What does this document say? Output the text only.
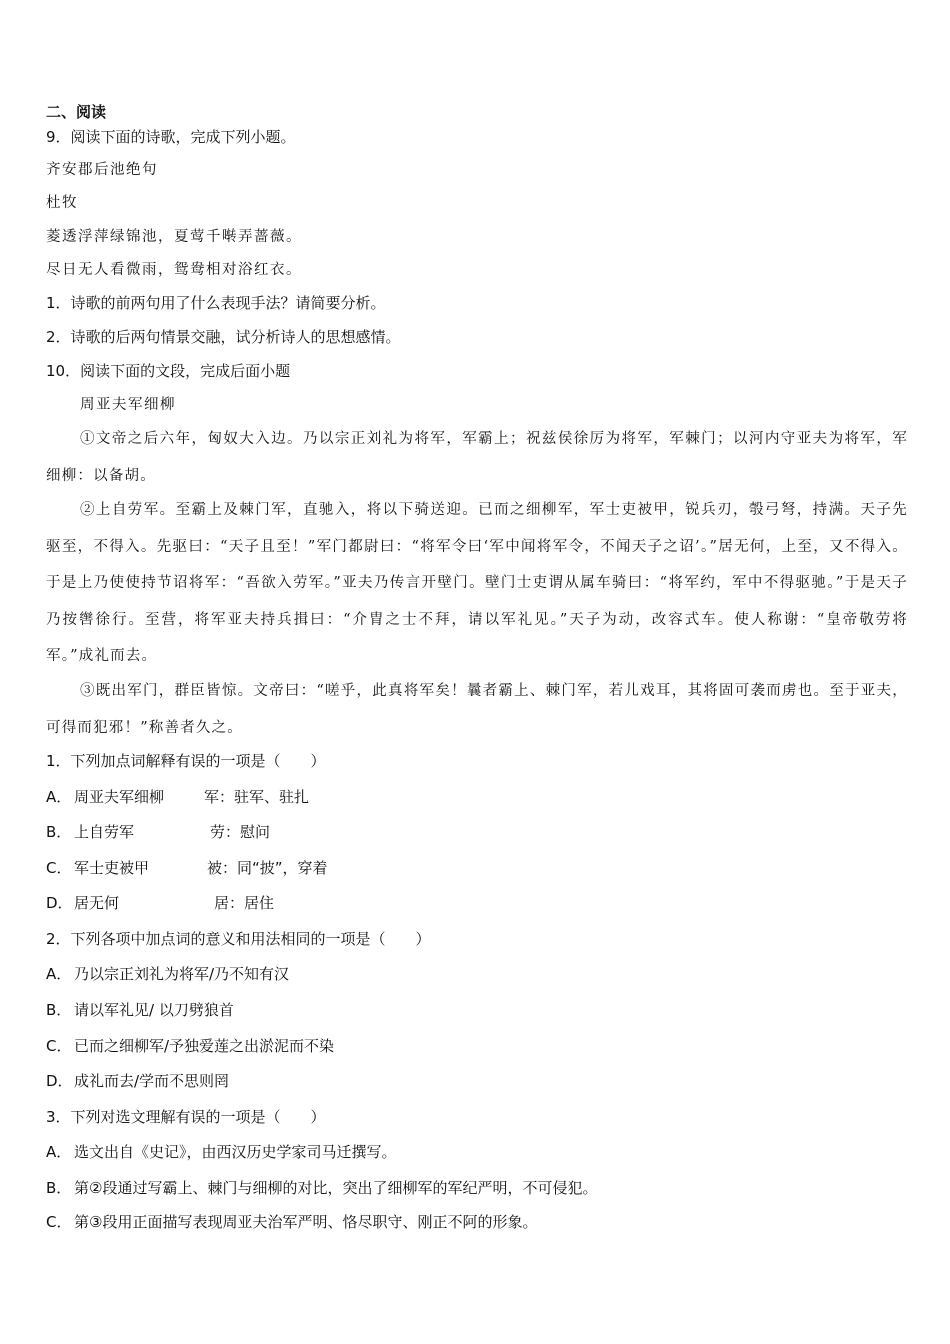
二、阅读
9．阅读下面的诗歌，完成下列小题。
齐安郡后池绝句
杜牧
菱透浮萍绿锦池，夏莺千啭弄蔷薇。
尽日无人看微雨，鸳鸯相对浴红衣。
1．诗歌的前两句用了什么表现手法？请简要分析。
2．诗歌的后两句情景交融，试分析诗人的思想感情。
10．阅读下面的文段，完成后面小题
周亚夫军细柳
①文帝之后六年，匈奴大入边。乃以宗正刘礼为将军，军霸上；祝兹侯徐厉为将军，军棘门；以河内守亚夫为将军，军细柳：以备胡。
②上自劳军。至霸上及棘门军，直驰入，将以下骑送迎。已而之细柳军，军士吏被甲，锐兵刃，彀弓弩，持满。天子先驱至，不得入。先驱曰：“天子且至！”军门都尉曰：“将军令曰‘军中闻将军令，不闻天子之诏’。”居无何，上至，又不得入。于是上乃使使持节诏将军：“吾欲入劳军。”亚夫乃传言开壁门。壁门士吏谓从属车骑曰：“将军约，军中不得驱驰。”于是天子乃按辔徐行。至营，将军亚夫持兵揖曰：“介胄之士不拜，请以军礼见。”天子为动，改容式车。使人称谢：“皇帝敬劳将军。”成礼而去。
③既出军门，群臣皆惊。文帝曰：“嗟乎，此真将军矣！曩者霸上、棘门军，若儿戏耳，其将固可袭而虏也。至于亚夫，可得而犯邪！”称善者久之。
1．下列加点词解释有误的一项是（　　）
A． 周亚夫军细柳	军：驻军、驻扎
B． 上自劳军	劳：慰问
C． 军士吏被甲	被：同“披”，穿着
D．居无何	居：居住
2．下列各项中加点词的意义和用法相同的一项是（　　）
A． 乃以宗正刘礼为将军/乃不知有汉
B． 请以军礼见/ 以刀劈狼首
C． 已而之细柳军/予独爱莲之出淤泥而不染
D．成礼而去/学而不思则罔
3．下列对选文理解有误的一项是（　　）
A． 选文出自《史记》，由西汉历史学家司马迁撰写。
B． 第②段通过写霸上、棘门与细柳的对比，突出了细柳军的军纪严明，不可侵犯。
C． 第③段用正面描写表现周亚夫治军严明、恪尽职守、刚正不阿的形象。
